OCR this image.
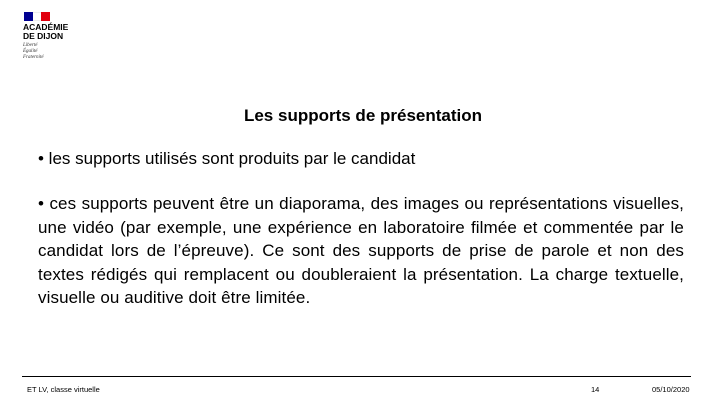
ACADÉMIE
DE DIJON
Liberté
Égalité
Fraternité
Les supports de présentation
• les supports utilisés sont produits par le candidat
• ces supports peuvent être un diaporama, des images ou représentations visuelles, une vidéo (par exemple, une expérience en laboratoire filmée et commentée par le candidat lors de l’épreuve). Ce sont des supports de prise de parole et non des textes rédigés qui remplacent ou doubleraient la présentation. La charge textuelle, visuelle ou auditive doit être limitée.
ET LV, classe virtuelle	14	05/10/2020
